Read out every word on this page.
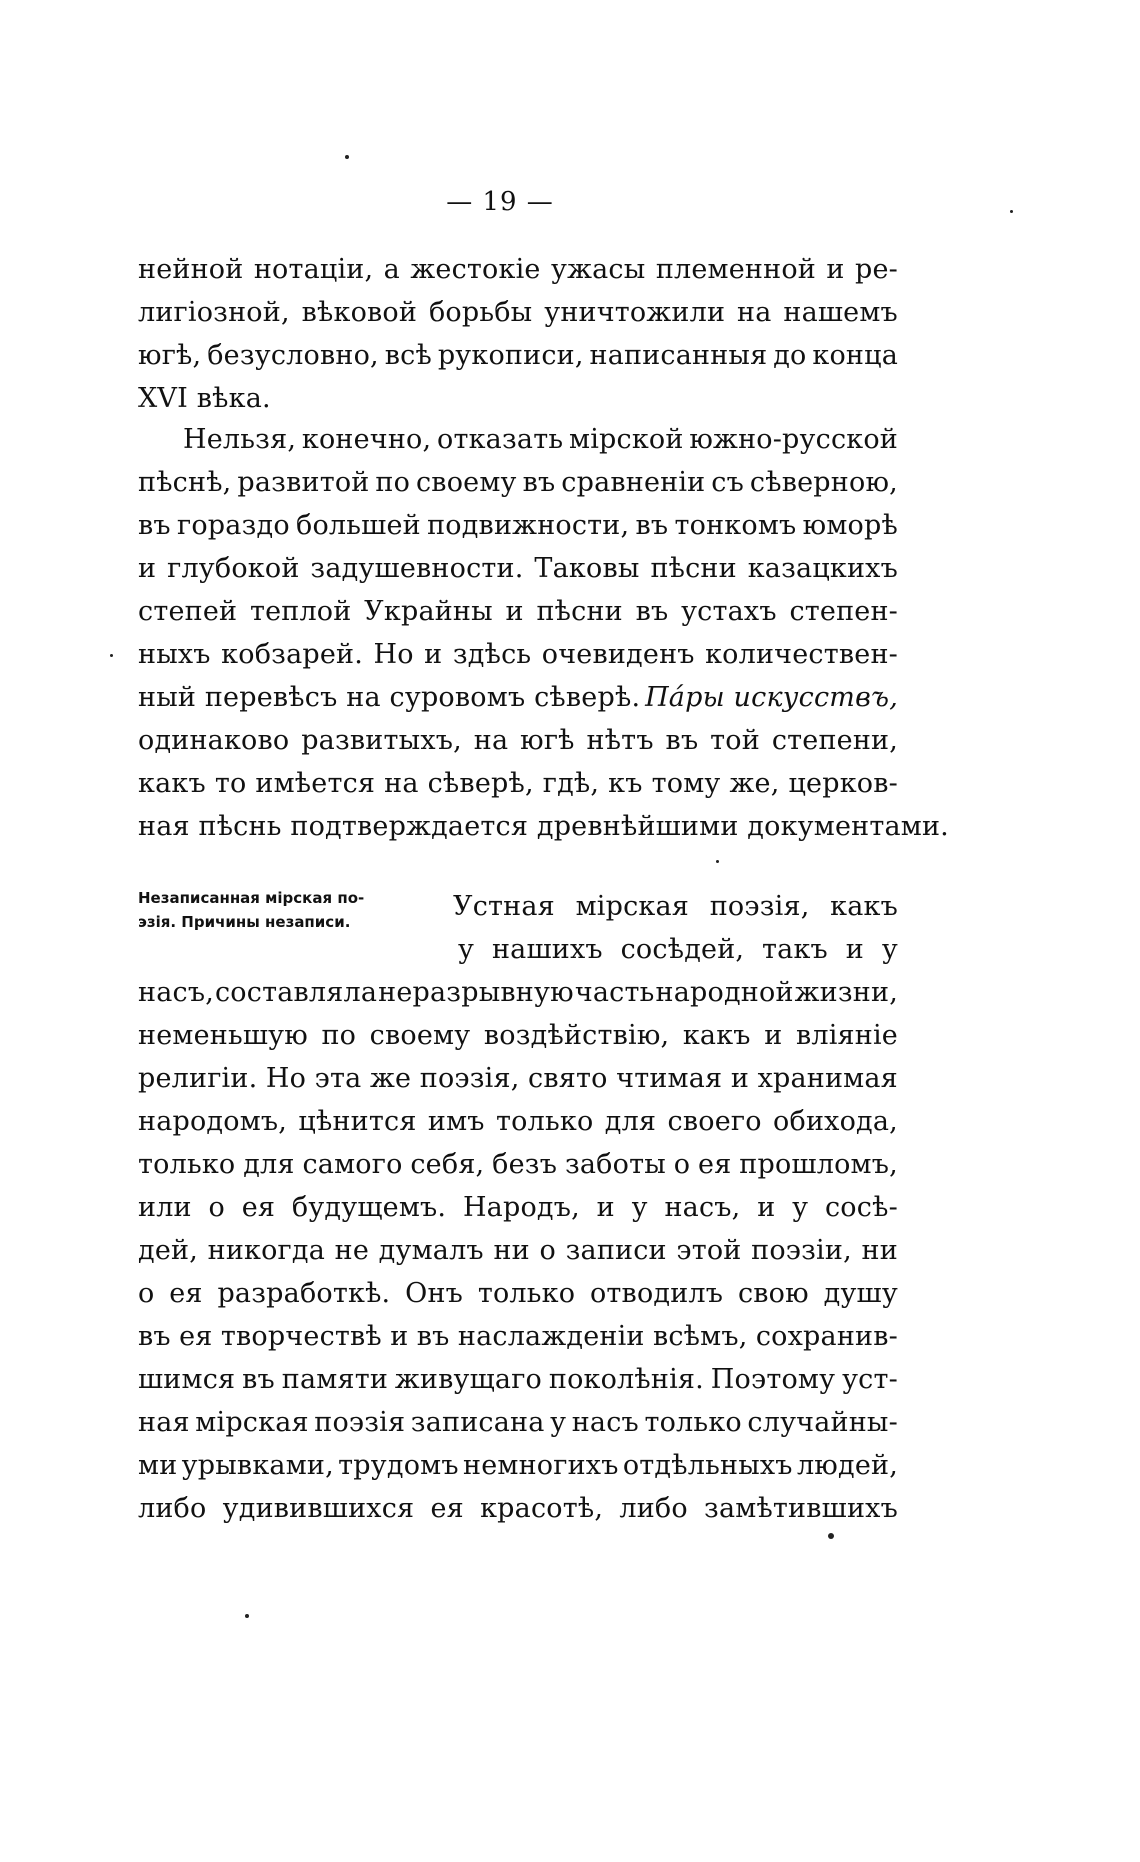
— 19 —
нейной нотацiи, а жестокiе ужасы племенной и ре-
лигiозной, вѣковой борьбы уничтожили на нашемъ
югѣ, безусловно, всѣ рукописи, написанныя до конца
XVI вѣка.
Нельзя, конечно, отказать мiрской южно-русской
пѣснѣ, развитой по своему въ сравненiи съ сѣверною,
въ гораздо большей подвижности, въ тонкомъ юморѣ
и глубокой задушевности. Таковы пѣсни казацкихъ
степей теплой Украйны и пѣсни въ устахъ степен-
ныхъ кобзарей. Но и здѣсь очевиденъ количествен-
ный перевѣсъ на суровомъ сѣверѣ. Пáры искусствъ,
одинаково развитыхъ, на югѣ нѣтъ въ той степени,
какъ то имѣется на сѣверѣ, гдѣ, къ тому же, церков-
ная пѣснь подтверждается древнѣйшими документами.
Незаписанная мiрская по-
эзiя. Причины незаписи.	Устная мiрская поэзiя, какъ
у нашихъ сосѣдей, такъ и у
насъ, составляла неразрывную часть народной жизни,
неменьшую по своему воздѣйствiю, какъ и влiянiе
религiи. Но эта же поэзiя, свято чтимая и хранимая
народомъ, цѣнится имъ только для своего обихода,
только для самого себя, безъ заботы о ея прошломъ,
или о ея будущемъ. Народъ, и у насъ, и у сосѣ-
дей, никогда не думалъ ни о записи этой поэзiи, ни
о ея разработкѣ. Онъ только отводилъ свою душу
въ ея творчествѣ и въ наслажденiи всѣмъ, сохранив-
шимся въ памяти живущаго поколѣнiя. Поэтому уст-
ная мiрская поэзiя записана у насъ только случайны-
ми урывками, трудомъ немногихъ отдѣльныхъ людей,
либо удивившихся ея красотѣ, либо замѣтившихъ
